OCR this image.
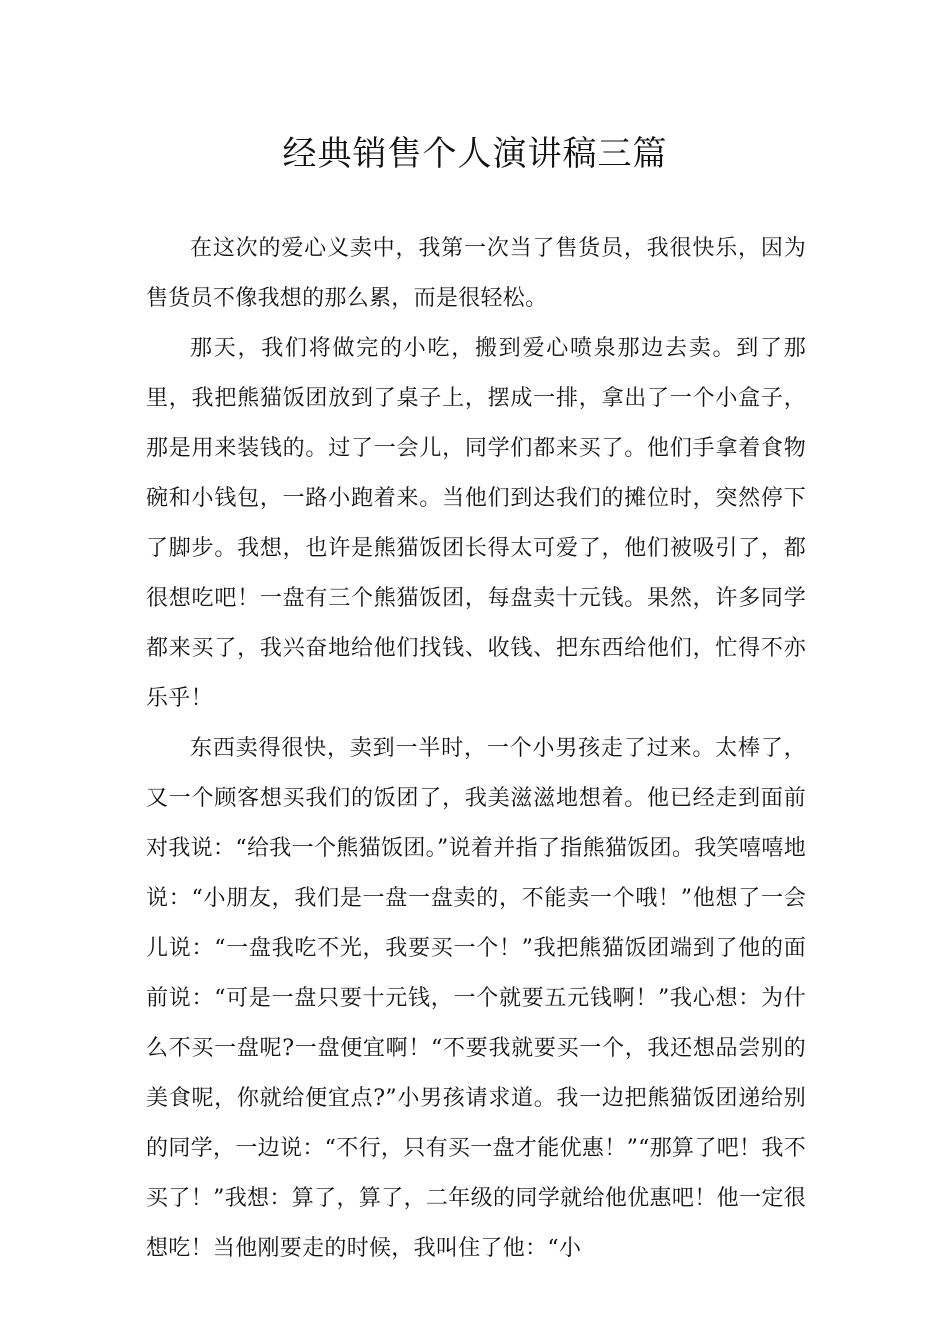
经典销售个人演讲稿三篇

在这次的爱心义卖中，我第一次当了售货员，我很快乐，因为售货员不像我想的那么累，而是很轻松。

那天，我们将做完的小吃，搬到爱心喷泉那边去卖。到了那里，我把熊猫饭团放到了桌子上，摆成一排，拿出了一个小盒子，那是用来装钱的。过了一会儿，同学们都来买了。他们手拿着食物碗和小钱包，一路小跑着来。当他们到达我们的摊位时，突然停下了脚步。我想，也许是熊猫饭团长得太可爱了，他们被吸引了，都很想吃吧！一盘有三个熊猫饭团，每盘卖十元钱。果然，许多同学都来买了，我兴奋地给他们找钱、收钱、把东西给他们，忙得不亦乐乎！

东西卖得很快，卖到一半时，一个小男孩走了过来。太棒了，又一个顾客想买我们的饭团了，我美滋滋地想着。他已经走到面前对我说：“给我一个熊猫饭团。”说着并指了指熊猫饭团。我笑嘻嘻地说：“小朋友，我们是一盘一盘卖的，不能卖一个哦！”他想了一会儿说：“一盘我吃不光，我要买一个！”我把熊猫饭团端到了他的面前说：“可是一盘只要十元钱，一个就要五元钱啊！”我心想：为什么不买一盘呢?一盘便宜啊！“不要我就要买一个，我还想品尝别的美食呢，你就给便宜点?”小男孩请求道。我一边把熊猫饭团递给别的同学，一边说：“不行，只有买一盘才能优惠！”“那算了吧！我不买了！”我想：算了，算了，二年级的同学就给他优惠吧！他一定很想吃！当他刚要走的时候，我叫住了他：“小
